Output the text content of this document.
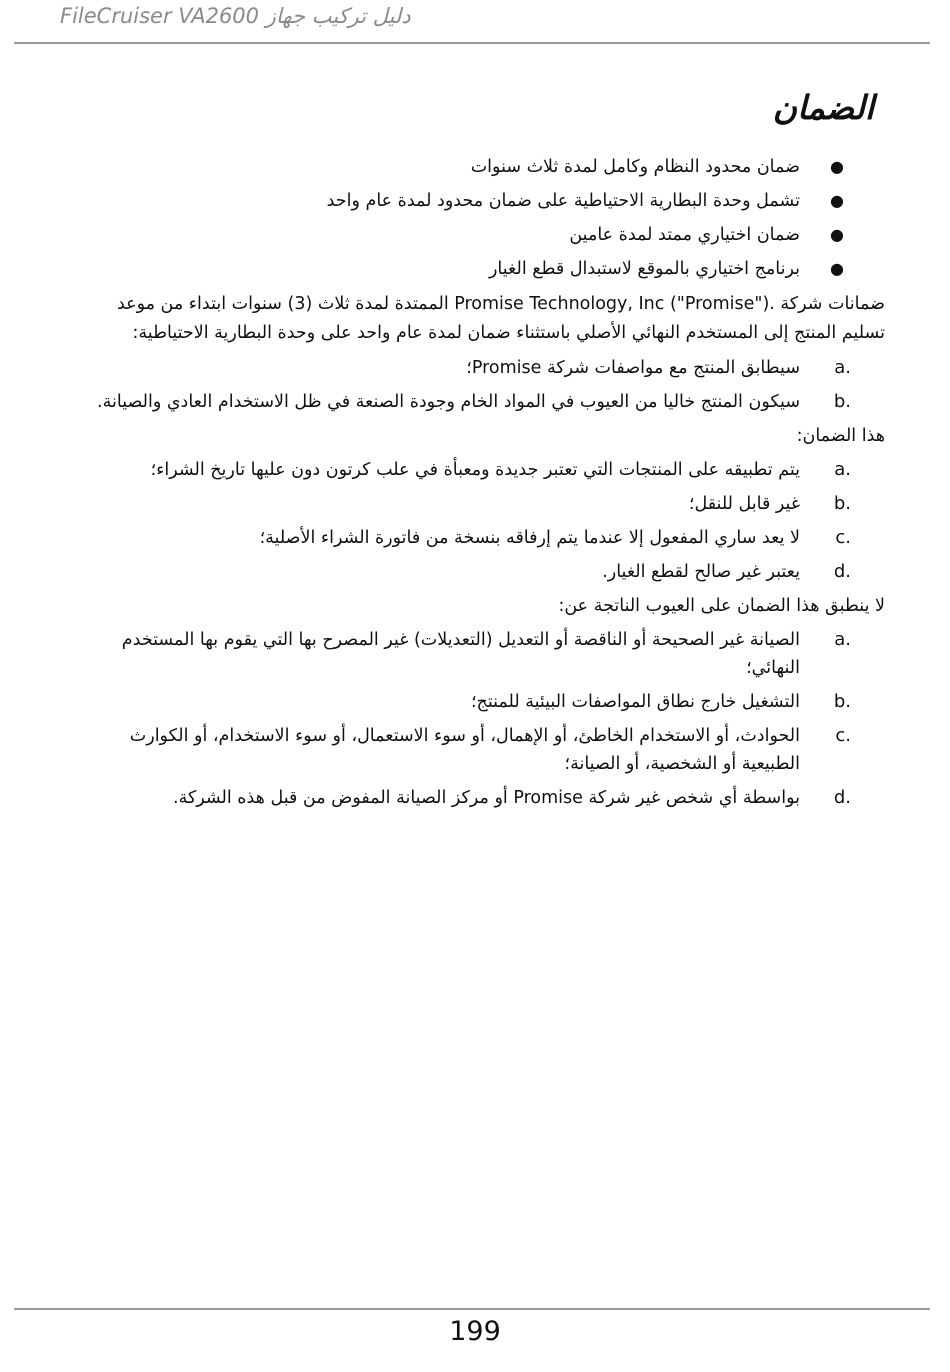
FileCruiser VA2600 دليل تركيب جهاز
الضمان
●
ضمان محدود النظام وكامل لمدة ثلاث سنوات
●
تشمل وحدة البطارية الاحتياطية على ضمان محدود لمدة عام واحد
●
ضمان اختياري ممتد لمدة عامين
●
برنامج اختياري بالموقع لاستبدال قطع الغيار

ضمانات شركة .Promise Technology, Inc ("Promise") الممتدة لمدة ثلاث (3) سنوات ابتداء من موعد تسليم المنتج إلى المستخدم النهائي الأصلي باستثناء ضمان لمدة عام واحد على وحدة البطارية الاحتياطية:

a.
سيطابق المنتج مع مواصفات شركة Promise؛
b.
سيكون المنتج خاليا من العيوب في المواد الخام وجودة الصنعة في ظل الاستخدام العادي والصيانة.

هذا الضمان:

a.
يتم تطبيقه على المنتجات التي تعتبر جديدة ومعبأة في علب كرتون دون عليها تاريخ الشراء؛
b.
غير قابل للنقل؛
c.
لا يعد ساري المفعول إلا عندما يتم إرفاقه بنسخة من فاتورة الشراء الأصلية؛
d.
يعتبر غير صالح لقطع الغيار.

لا ينطبق هذا الضمان على العيوب الناتجة عن:

a.
الصيانة غير الصحيحة أو الناقصة أو التعديل (التعديلات) غير المصرح بها التي يقوم بها المستخدم النهائي؛
b.
التشغيل خارج نطاق المواصفات البيئية للمنتج؛
c.
الحوادث، أو الاستخدام الخاطئ، أو الإهمال، أو سوء الاستعمال، أو سوء الاستخدام، أو الكوارث الطبيعية أو الشخصية، أو الصيانة؛
d.
بواسطة أي شخص غير شركة Promise أو مركز الصيانة المفوض من قبل هذه الشركة.
199
